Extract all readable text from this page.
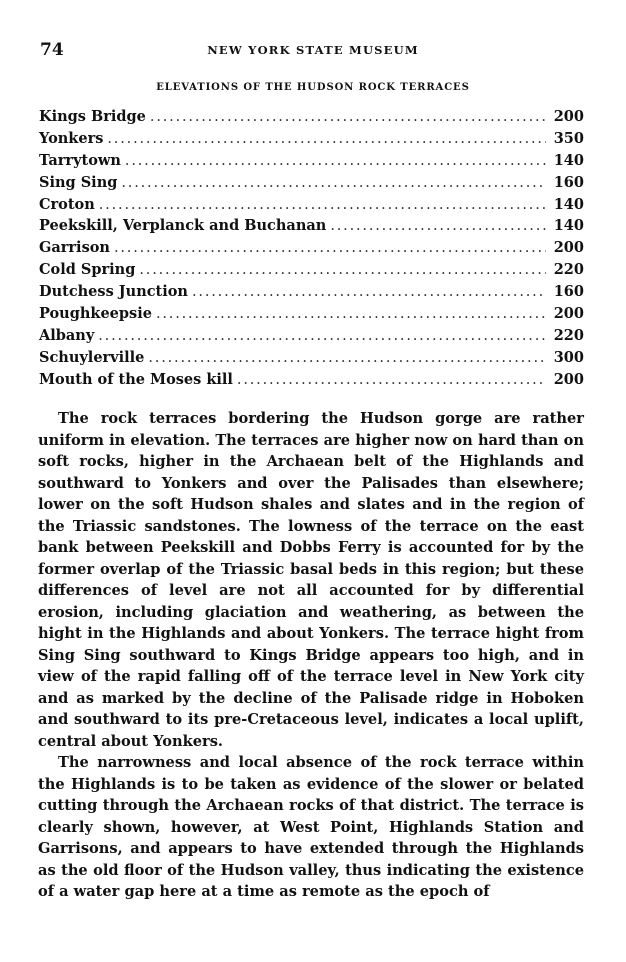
74	NEW YORK STATE MUSEUM
ELEVATIONS OF THE HUDSON ROCK TERRACES
Kings Bridge . . .	200
Yonkers . . .	350
Tarrytown . . .	140
Sing Sing . . .	160
Croton . . .	140
Peekskill, Verplanck and Buchanan . . .	140
Garrison . . .	200
Cold Spring . . .	220
Dutchess Junction . . .	160
Poughkeepsie . . .	200
Albany . . .	220
Schuylerville . . .	300
Mouth of the Moses kill . . .	200

The rock terraces bordering the Hudson gorge are rather uniform in elevation. The terraces are higher now on hard than on soft rocks, higher in the Archaean belt of the Highlands and southward to Yonkers and over the Palisades than elsewhere; lower on the soft Hudson shales and slates and in the region of the Triassic sandstones. The lowness of the terrace on the east bank between Peekskill and Dobbs Ferry is accounted for by the former overlap of the Triassic basal beds in this region; but these differences of level are not all accounted for by differential erosion, including glaciation and weathering, as between the hight in the Highlands and about Yonkers. The terrace hight from Sing Sing southward to Kings Bridge appears too high, and in view of the rapid falling off of the terrace level in New York city and as marked by the decline of the Palisade ridge in Hoboken and southward to its pre-Cretaceous level, indicates a local uplift, central about Yonkers.

The narrowness and local absence of the rock terrace within the Highlands is to be taken as evidence of the slower or belated cutting through the Archaean rocks of that district. The terrace is clearly shown, however, at West Point, Highlands Station and Garrisons, and appears to have extended through the Highlands as the old floor of the Hudson valley, thus indicating the existence of a water gap here at a time as remote as the epoch of
